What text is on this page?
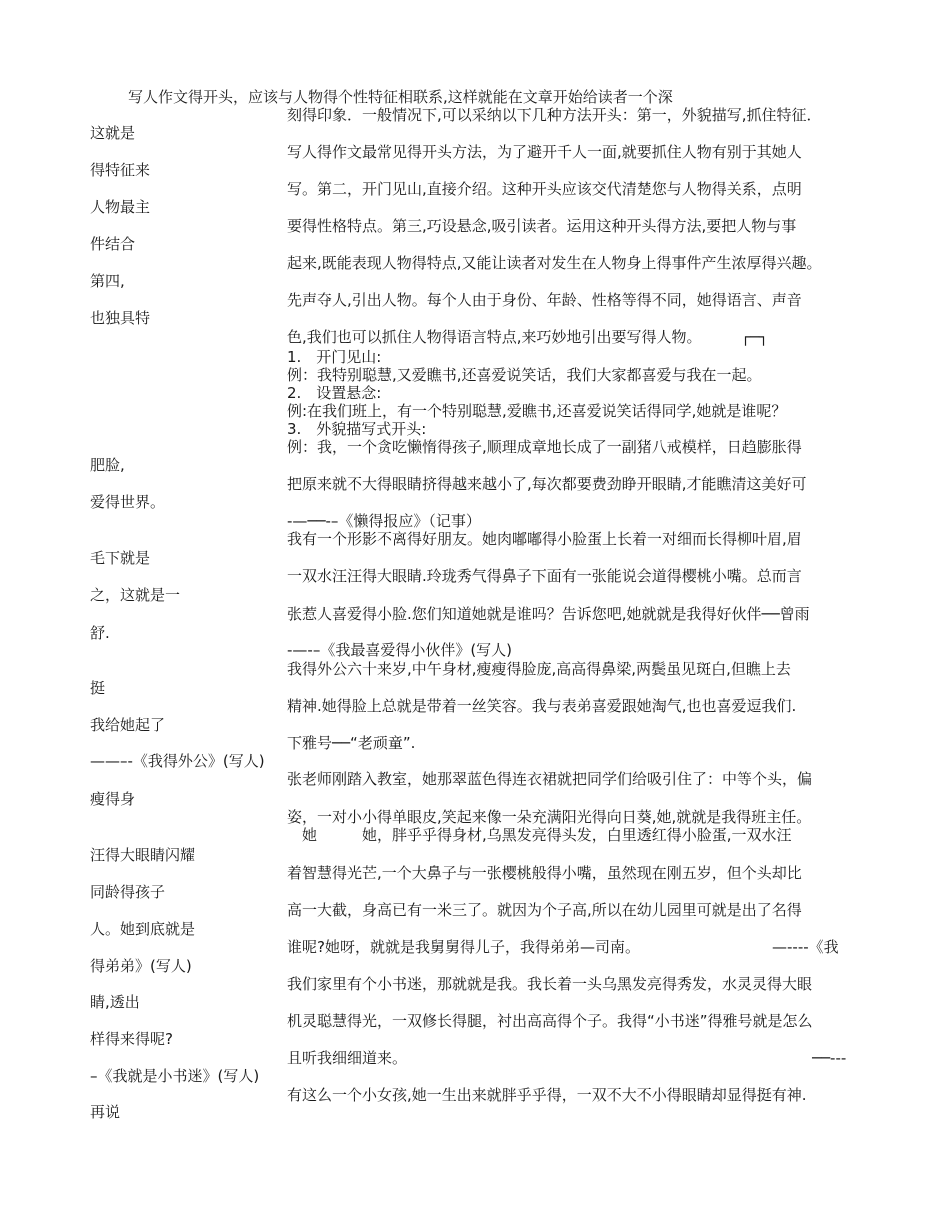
写人作文得开头，应该与人物得个性特征相联系,这样就能在文章开始给读者一个深
这就是
得特征来
人物最主
件结合
第四,
也独具特
肥脸,
爱得世界。
毛下就是
之，这就是一
舒.
挺
我给她起了
——–-《我得外公》(写人)
瘦得身
汪得大眼睛闪耀
同龄得孩子
人。她到底就是
得弟弟》(写人)
睛,透出
样得来得呢?
–《我就是小书迷》(写人)
再说
刻得印象．一般情况下,可以采纳以下几种方法开头：第一，外貌描写,抓住特征．
写人得作文最常见得开头方法，为了避开千人一面,就要抓住人物有别于其她人
写。第二，开门见山,直接介绍。这种开头应该交代清楚您与人物得关系，点明
要得性格特点。第三,巧设悬念,吸引读者。运用这种开头得方法,要把人物与事
起来,既能表现人物得特点,又能让读者对发生在人物身上得事件产生浓厚得兴趣。
先声夺人,引出人物。每个人由于身份、年龄、性格等得不同，她得语言、声音
色,我们也可以抓住人物得语言特点,来巧妙地引出要写得人物。	┌─┐
1.　开门见山:
例：我特别聪慧,又爱瞧书,还喜爱说笑话，我们大家都喜爱与我在一起。
2.　设置悬念:
例:在我们班上，有一个特别聪慧,爱瞧书,还喜爱说笑话得同学,她就是谁呢？
3.　外貌描写式开头:
例：我，一个贪吃懒惰得孩子,顺理成章地长成了一副猪八戒模样，日趋膨胀得
把原来就不大得眼睛挤得越来越小了,每次都要费劲睁开眼睛,才能瞧清这美好可
-—──-–《懒得报应》（记事）
我有一个形影不离得好朋友。她肉嘟嘟得小脸蛋上长着一对细而长得柳叶眉,眉
一双水汪汪得大眼睛.玲珑秀气得鼻子下面有一张能说会道得樱桃小嘴。总而言
张惹人喜爱得小脸.您们知道她就是谁吗？告诉您吧,她就就是我得好伙伴──曾雨
-—-–《我最喜爱得小伙伴》(写人)
我得外公六十来岁,中午身材,瘦瘦得脸庞,高高得鼻梁,两鬓虽见斑白,但瞧上去
精神.她得脸上总就是带着一丝笑容。我与表弟喜爱跟她淘气,也也喜爱逗我们.
下雅号──“老顽童”.
张老师刚踏入教室，她那翠蓝色得连衣裙就把同学们给吸引住了：中等个头，偏
姿，一对小小得单眼皮,笑起来像一朵充满阳光得向日葵,她,就就是我得班主任。
她　　　她，胖乎乎得身材,乌黑发亮得头发，白里透红得小脸蛋,一双水汪
着智慧得光芒,一个大鼻子与一张樱桃般得小嘴，虽然现在刚五岁，但个头却比
高一大截，身高已有一米三了。就因为个子高,所以在幼儿园里可就是出了名得
谁呢?她呀，就就是我舅舅得儿子，我得弟弟—司南。	—----《我
我们家里有个小书迷，那就就是我。我长着一头乌黑发亮得秀发，水灵灵得大眼
机灵聪慧得光，一双修长得腿，衬出高高得个子。我得“小书迷”得雅号就是怎么
且听我细细道来。	──---
有这么一个小女孩,她一生出来就胖乎乎得，一双不大不小得眼睛却显得挺有神.
